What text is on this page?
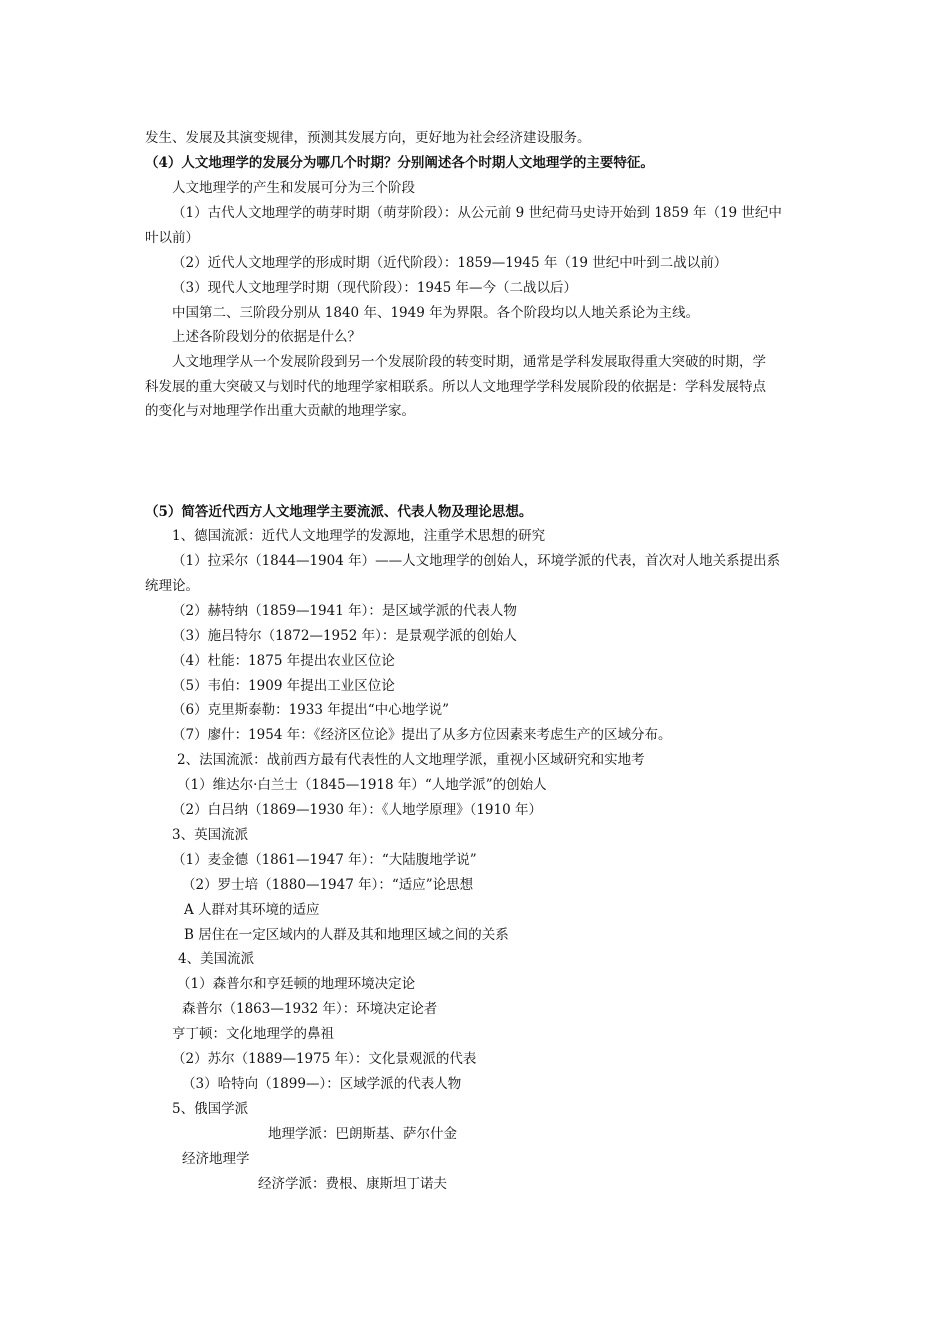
发生、发展及其演变规律，预测其发展方向，更好地为社会经济建设服务。
（4）人文地理学的发展分为哪几个时期？分别阐述各个时期人文地理学的主要特征。
人文地理学的产生和发展可分为三个阶段
（1）古代人文地理学的萌芽时期（萌芽阶段）：从公元前 9 世纪荷马史诗开始到 1859 年（19 世纪中
叶以前）
（2）近代人文地理学的形成时期（近代阶段）：1859—1945 年（19 世纪中叶到二战以前）
（3）现代人文地理学时期（现代阶段）：1945 年—今（二战以后）
中国第二、三阶段分别从 1840 年、1949 年为界限。各个阶段均以人地关系论为主线。
上述各阶段划分的依据是什么？
人文地理学从一个发展阶段到另一个发展阶段的转变时期，通常是学科发展取得重大突破的时期，学
科发展的重大突破又与划时代的地理学家相联系。所以人文地理学学科发展阶段的依据是：学科发展特点
的变化与对地理学作出重大贡献的地理学家。
（5）简答近代西方人文地理学主要流派、代表人物及理论思想。
1、德国流派：近代人文地理学的发源地，注重学术思想的研究
（1）拉采尔（1844—1904 年）——人文地理学的创始人，环境学派的代表，首次对人地关系提出系
统理论。
（2）赫特纳（1859—1941 年）：是区域学派的代表人物
（3）施吕特尔（1872—1952 年）：是景观学派的创始人
（4）杜能：1875 年提出农业区位论
（5）韦伯：1909 年提出工业区位论
（6）克里斯泰勒：1933 年提出“中心地学说”
（7）廖什：1954 年：《经济区位论》提出了从多方位因素来考虑生产的区域分布。
2、法国流派：战前西方最有代表性的人文地理学派，重视小区域研究和实地考
（1）维达尔·白兰士（1845—1918 年）“人地学派”的创始人
（2）白吕纳（1869—1930 年）：《人地学原理》（1910 年）
3、英国流派
（1）麦金德（1861—1947 年）：“大陆腹地学说”
（2）罗士培（1880—1947 年）：“适应”论思想
A 人群对其环境的适应
B 居住在一定区域内的人群及其和地理区域之间的关系
4、美国流派
（1）森普尔和亨廷顿的地理环境决定论
森普尔（1863—1932 年）：环境决定论者
亨丁顿：文化地理学的鼻祖
（2）苏尔（1889—1975 年）：文化景观派的代表
（3）哈特向（1899—）：区域学派的代表人物
5、俄国学派
地理学派：巴朗斯基、萨尔什金
经济地理学
经济学派：费根、康斯坦丁诺夫
